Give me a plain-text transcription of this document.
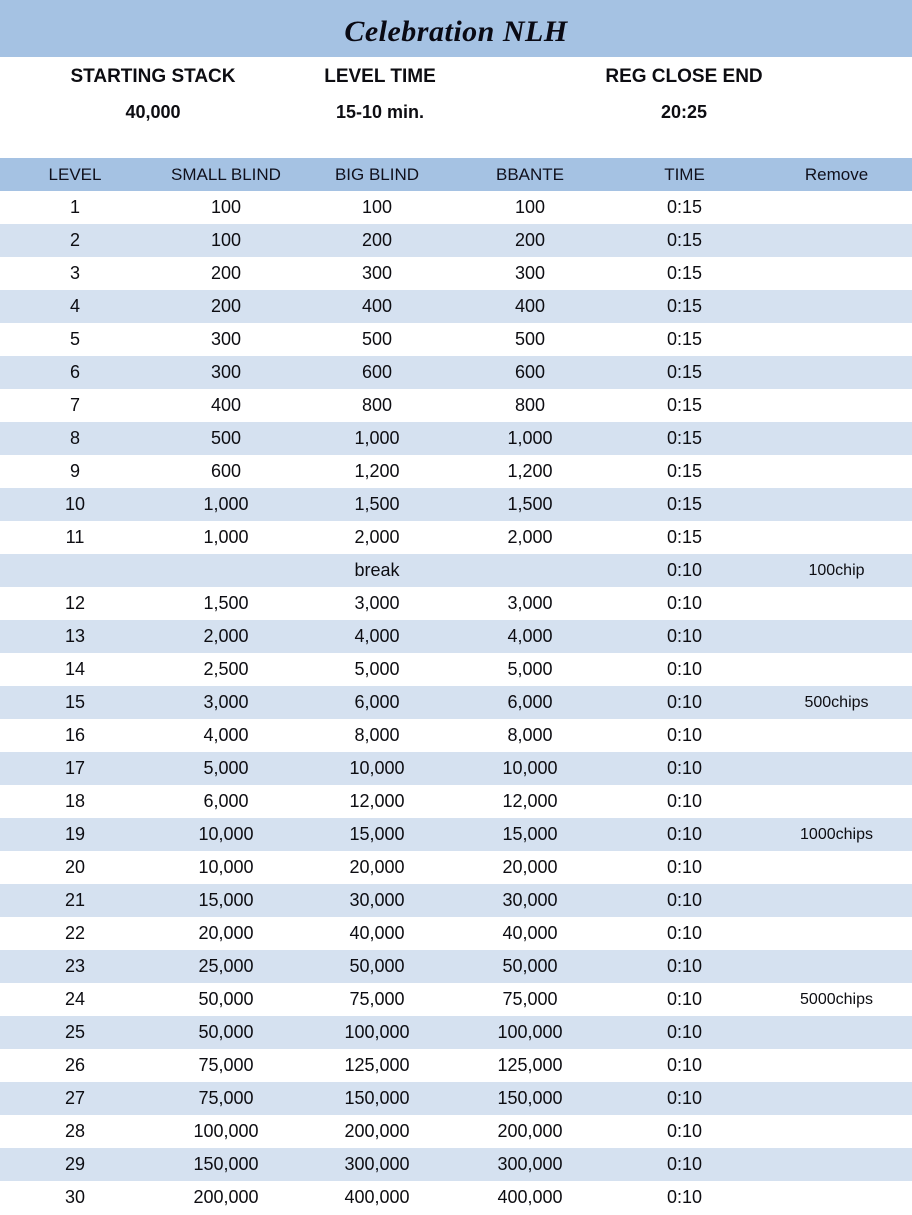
Celebration NLH
STARTING STACK
40,000
LEVEL TIME
15-10 min.
REG CLOSE END
20:25
LEVEL	SMALL BLIND	BIG BLIND	BBANTE	TIME	Remove
1	100	100	100	0:15	
2	100	200	200	0:15	
3	200	300	300	0:15	
4	200	400	400	0:15	
5	300	500	500	0:15	
6	300	600	600	0:15	
7	400	800	800	0:15	
8	500	1,000	1,000	0:15	
9	600	1,200	1,200	0:15	
10	1,000	1,500	1,500	0:15	
11	1,000	2,000	2,000	0:15	
		break		0:10	100chip
12	1,500	3,000	3,000	0:10	
13	2,000	4,000	4,000	0:10	
14	2,500	5,000	5,000	0:10	
15	3,000	6,000	6,000	0:10	500chips
16	4,000	8,000	8,000	0:10	
17	5,000	10,000	10,000	0:10	
18	6,000	12,000	12,000	0:10	
19	10,000	15,000	15,000	0:10	1000chips
20	10,000	20,000	20,000	0:10	
21	15,000	30,000	30,000	0:10	
22	20,000	40,000	40,000	0:10	
23	25,000	50,000	50,000	0:10	
24	50,000	75,000	75,000	0:10	5000chips
25	50,000	100,000	100,000	0:10	
26	75,000	125,000	125,000	0:10	
27	75,000	150,000	150,000	0:10	
28	100,000	200,000	200,000	0:10	
29	150,000	300,000	300,000	0:10	
30	200,000	400,000	400,000	0:10	
